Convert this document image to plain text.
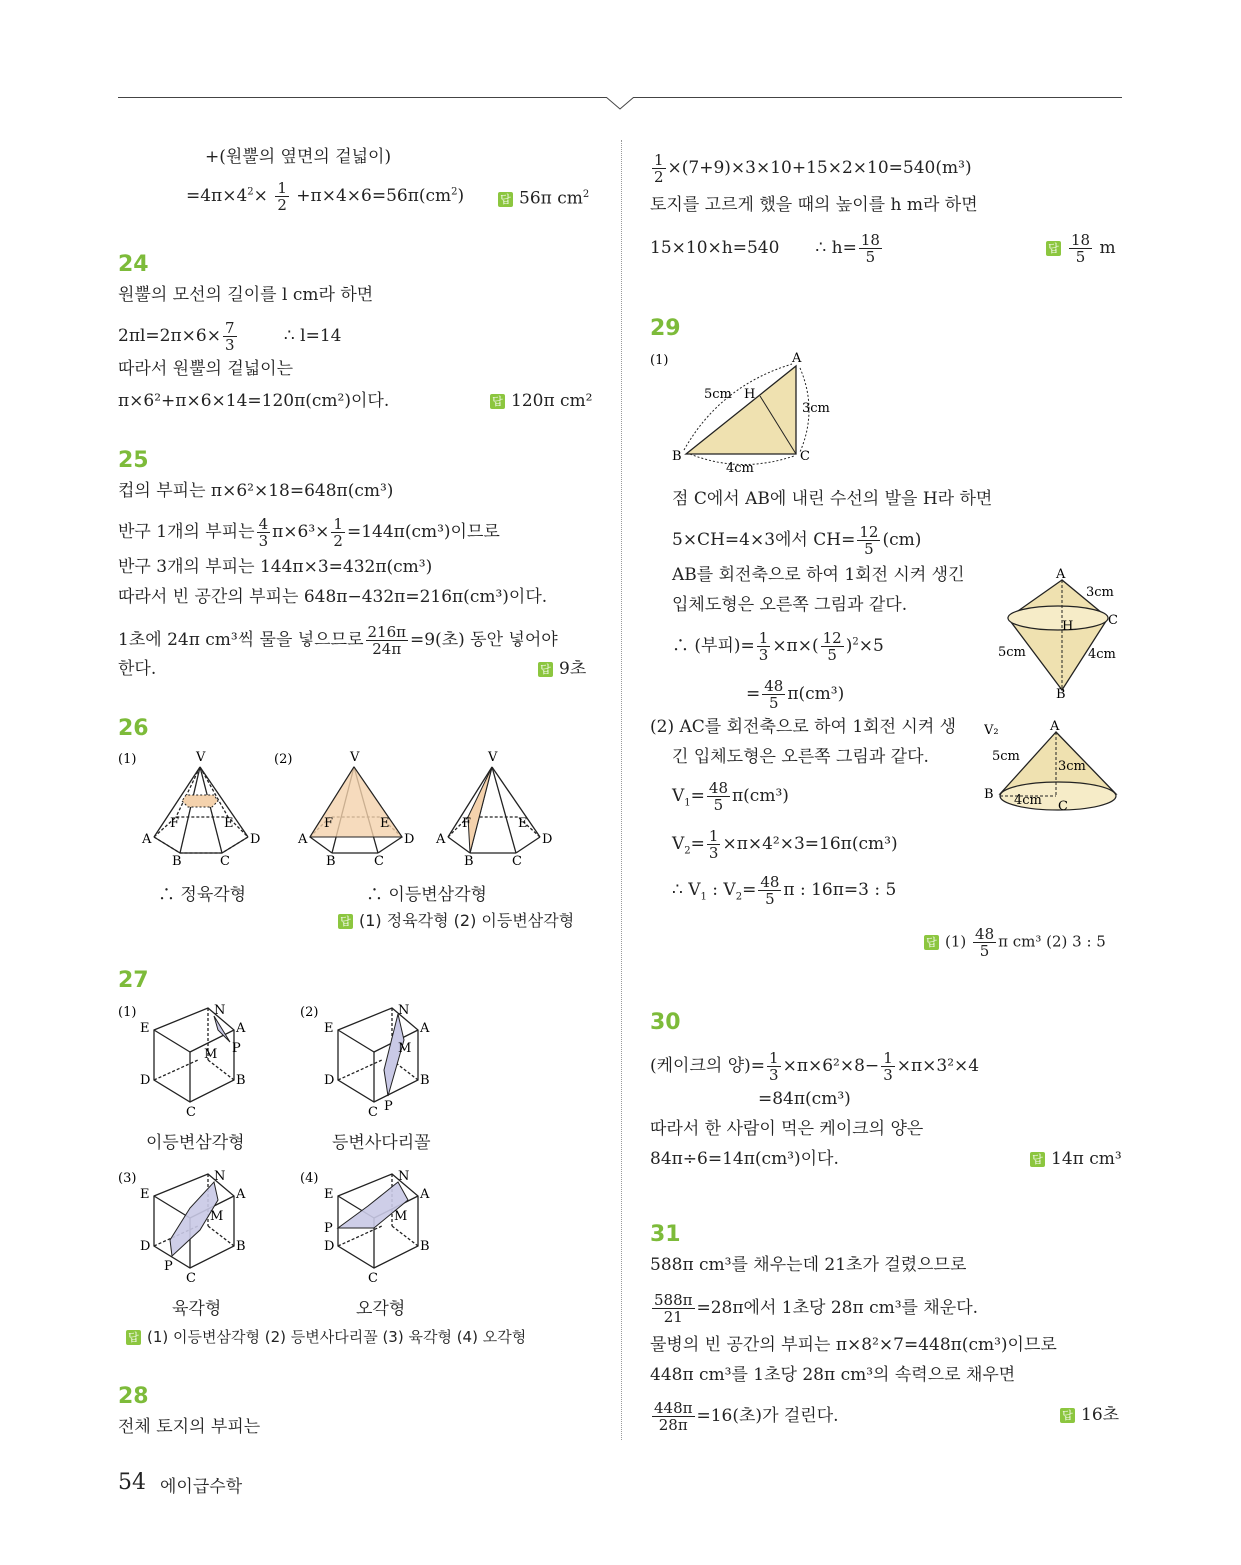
+(원뿔의 옆면의 겉넓이)
$=4\pi\times 4^2\times \frac{1}{2} +\pi\times 4\times 6=56\pi(cm^2)$	답 56π $cm^2$
24
원뿔의 모선의 길이를 l cm라 하면
$2\pi l=2\pi\times 6\times \frac{7}{3}$	∴ l=14
따라서 원뿔의 겉넓이는
π×6²+π×6×14=120π(cm²)이다.	답 120π cm²
25
컵의 부피는 π×6²×18=648π(cm³)
반구 1개의 부피는 $\frac{4}{3} \pi\times 6^3\times \frac{1}{2} =144\pi(cm^3)$이므로
반구 3개의 부피는 144π×3=432π(cm³)
따라서 빈 공간의 부피는 648π−432π=216π(cm³)이다.
1초에 24π cm³씩 물을 넣으므로 $\frac{216\pi}{24\pi} =9$(초) 동안 넣어야
한다.	답 9초
26
(1)	V
A
B	C
D
F	E
(2)	V
A
B	C
D
F	E
V
A
B	C
D
F	E
∴ 정육각형	∴ 이등변삼각형
답 (1) 정육각형 (2) 이등변삼각형
27
(1)	(2)
(3)	(4)
E
N
A
P
M
D	B
C
E
N
A
M
D	B
C P
E
N
A
M
D	B
C
P
E
N
A
M
P
D	B
C
이등변삼각형	등변사다리꼴
육각형	오각형
답 (1) 이등변삼각형 (2) 등변사다리꼴 (3) 육각형 (4) 오각형
28
전체 토지의 부피는
54 에이급수학
$\frac{1}{2} \times(7+9)\times 3\times 10+15\times 2\times 10=540(m^3)$
토지를 고르게 했을 때의 높이를 h m라 하면
15×10×h=540 ∴ $h= \frac{18}{5}$	답 $\frac{18}{5}$ m
29
(1)	A
B	C
H
5cm
3cm
4cm
점 C에서 AB에 내린 수선의 발을 H라 하면
5×CH=4×3에서 $CH= \frac{12}{5} (cm)$
AB를 회전축으로 하여 1회전 시켜 생긴
입체도형은 오른쪽 그림과 같다.
∴ (부피)= $\frac{1}{3} \times\pi\times( \frac{12}{5} )^2\times 5$
= $\frac{48}{5} \pi(cm^3)$
A
B
C
H
3cm
5cm	4cm
(2) AC를 회전축으로 하여 1회전 시켜 생
긴 입체도형은 오른쪽 그림과 같다.
$V_1= \frac{48}{5} \pi(cm^3)$
$V_2= \frac{1}{3} \times\pi\times 4^2\times 3=16\pi(cm^3)$
∴ $V_1$ : $V_2= \frac{48}{5}$ π : 16π=3 : 5
V₂	A
B
C
5cm
3cm
4cm
답 $(1) \frac{48}{5}$ π cm³ (2) 3 : 5
30
(케이크의 양)= $\frac{1}{3} \times\pi\times 6^2\times 8- \frac{1}{3} \times\pi\times 3^2\times 4$
=84π(cm³)
따라서 한 사람이 먹은 케이크의 양은
84π÷6=14π(cm³)이다.	답 14π cm³
31
588π cm³를 채우는데 21초가 걸렸으므로
$\frac{588\pi}{21} =28\pi$에서 1초당 28π cm³를 채운다.
물병의 빈 공간의 부피는 π×8²×7=448π(cm³)이므로
448π cm³를 1초당 28π cm³의 속력으로 채우면
$\frac{448\pi}{28\pi} =16$(초)가 걸린다.	답 16초
